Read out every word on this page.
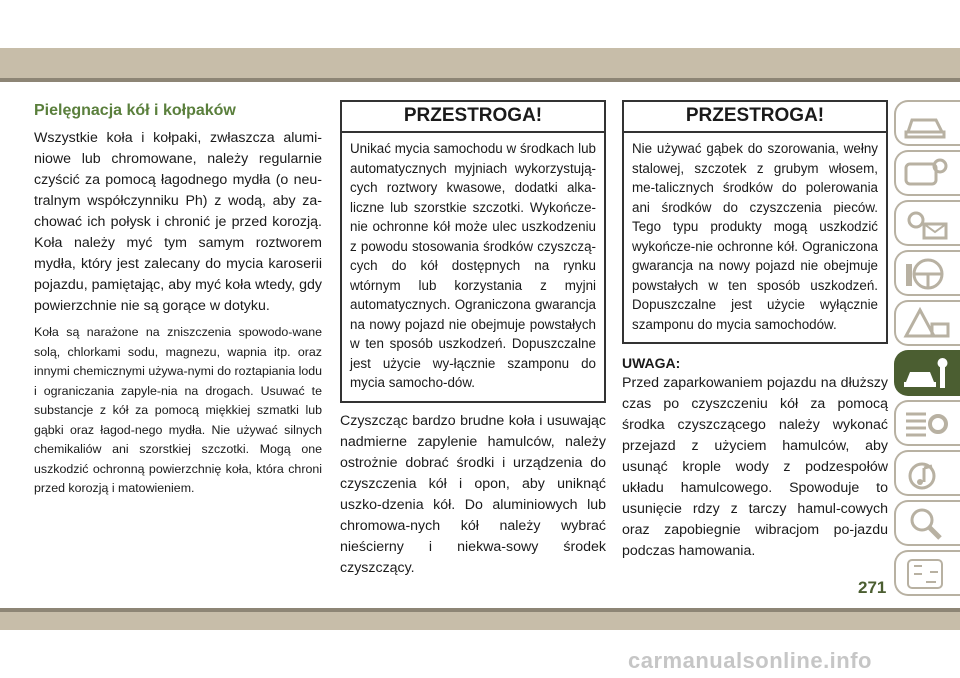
Pielęgnacja kół i kołpaków

Wszystkie koła i kołpaki, zwłaszcza alumi-niowe lub chromowane, należy regularnie czyścić za pomocą łagodnego mydła (o neu-tralnym współczynniku Ph) z wodą, aby za-chować ich połysk i chronić je przed korozją. Koła należy myć tym samym roztworem mydła, który jest zalecany do mycia karoserii pojazdu, pamiętając, aby myć koła wtedy, gdy powierzchnie nie są gorące w dotyku.

Koła są narażone na zniszczenia spowodo-wane solą, chlorkami sodu, magnezu, wapnia itp. oraz innymi chemicznymi używa-nymi do roztapiania lodu i ograniczania zapyle-nia na drogach. Usuwać te substancje z kół za pomocą miękkiej szmatki lub gąbki oraz łagod-nego mydła. Nie używać silnych chemikaliów ani szorstkiej szczotki. Mogą one uszkodzić ochronną powierzchnię koła, która chroni przed korozją i matowieniem.

PRZESTROGA!
Unikać mycia samochodu w środkach lub automatycznych myjniach wykorzystują-cych roztwory kwasowe, dodatki alka-liczne lub szorstkie szczotki. Wykończe-nie ochronne kół może ulec uszkodzeniu z powodu stosowania środków czyszczą-cych do kół dostępnych na rynku wtórnym lub korzystania z myjni automatycznych. Ograniczona gwarancja na nowy pojazd nie obejmuje powstałych w ten sposób uszkodzeń. Dopuszczalne jest użycie wy-łącznie szamponu do mycia samocho-dów.

Czyszcząc bardzo brudne koła i usuwając nadmierne zapylenie hamulców, należy ostrożnie dobrać środki i urządzenia do czyszczenia kół i opon, aby uniknąć uszko-dzenia kół. Do aluminiowych lub chromowa-nych kół należy wybrać nieścierny i niekwa-sowy środek czyszczący.

PRZESTROGA!
Nie używać gąbek do szorowania, wełny stalowej, szczotek z grubym włosem, me-talicznych środków do polerowania ani środków do czyszczenia pieców. Tego typu produkty mogą uszkodzić wykończe-nie ochronne kół. Ograniczona gwarancja na nowy pojazd nie obejmuje powstałych w ten sposób uszkodzeń. Dopuszczalne jest użycie wyłącznie szamponu do mycia samochodów.
UWAGA:

Przed zaparkowaniem pojazdu na dłuższy czas po czyszczeniu kół za pomocą środka czyszczącego należy wykonać przejazd z użyciem hamulców, aby usunąć krople wody z podzespołów układu hamulcowego. Spowoduje to usunięcie rdzy z tarczy hamul-cowych oraz zapobiegnie wibracjom po-jazdu podczas hamowania.

271
carmanualsonline.info
